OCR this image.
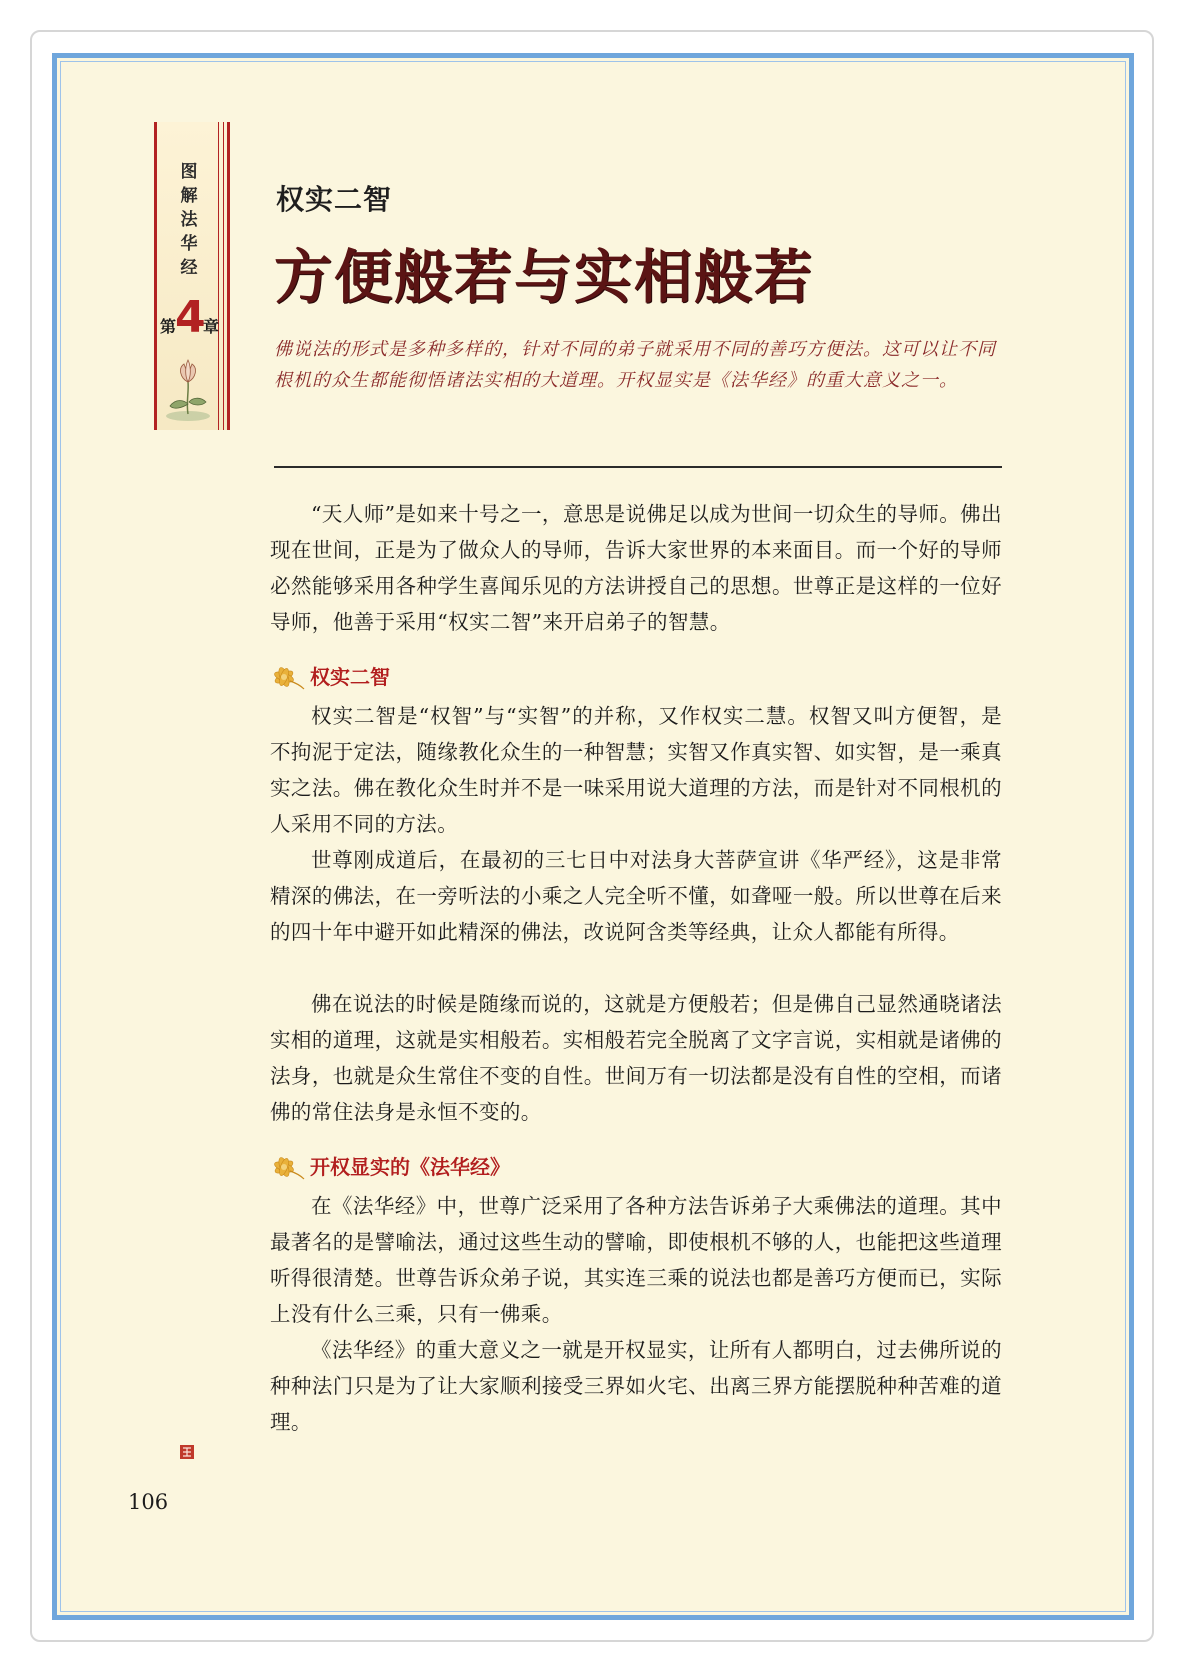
图解法华经
第
4
章
权实二智
方便般若与实相般若
佛说法的形式是多种多样的，针对不同的弟子就采用不同的善巧方便法。这可以让不同根机的众生都能彻悟诸法实相的大道理。开权显实是《法华经》的重大意义之一。
“天人师”是如来十号之一，意思是说佛足以成为世间一切众生的导师。佛出现在世间，正是为了做众人的导师，告诉大家世界的本来面目。而一个好的导师必然能够采用各种学生喜闻乐见的方法讲授自己的思想。世尊正是这样的一位好导师，他善于采用“权实二智”来开启弟子的智慧。
权实二智
权实二智是“权智”与“实智”的并称，又作权实二慧。权智又叫方便智，是不拘泥于定法，随缘教化众生的一种智慧；实智又作真实智、如实智，是一乘真实之法。佛在教化众生时并不是一味采用说大道理的方法，而是针对不同根机的人采用不同的方法。
世尊刚成道后，在最初的三七日中对法身大菩萨宣讲《华严经》，这是非常精深的佛法，在一旁听法的小乘之人完全听不懂，如聋哑一般。所以世尊在后来的四十年中避开如此精深的佛法，改说阿含类等经典，让众人都能有所得。
佛在说法的时候是随缘而说的，这就是方便般若；但是佛自己显然通晓诸法实相的道理，这就是实相般若。实相般若完全脱离了文字言说，实相就是诸佛的法身，也就是众生常住不变的自性。世间万有一切法都是没有自性的空相，而诸佛的常住法身是永恒不变的。
开权显实的《法华经》
在《法华经》中，世尊广泛采用了各种方法告诉弟子大乘佛法的道理。其中最著名的是譬喻法，通过这些生动的譬喻，即使根机不够的人，也能把这些道理听得很清楚。世尊告诉众弟子说，其实连三乘的说法也都是善巧方便而已，实际上没有什么三乘，只有一佛乘。
《法华经》的重大意义之一就是开权显实，让所有人都明白，过去佛所说的种种法门只是为了让大家顺利接受三界如火宅、出离三界方能摆脱种种苦难的道理。
106
